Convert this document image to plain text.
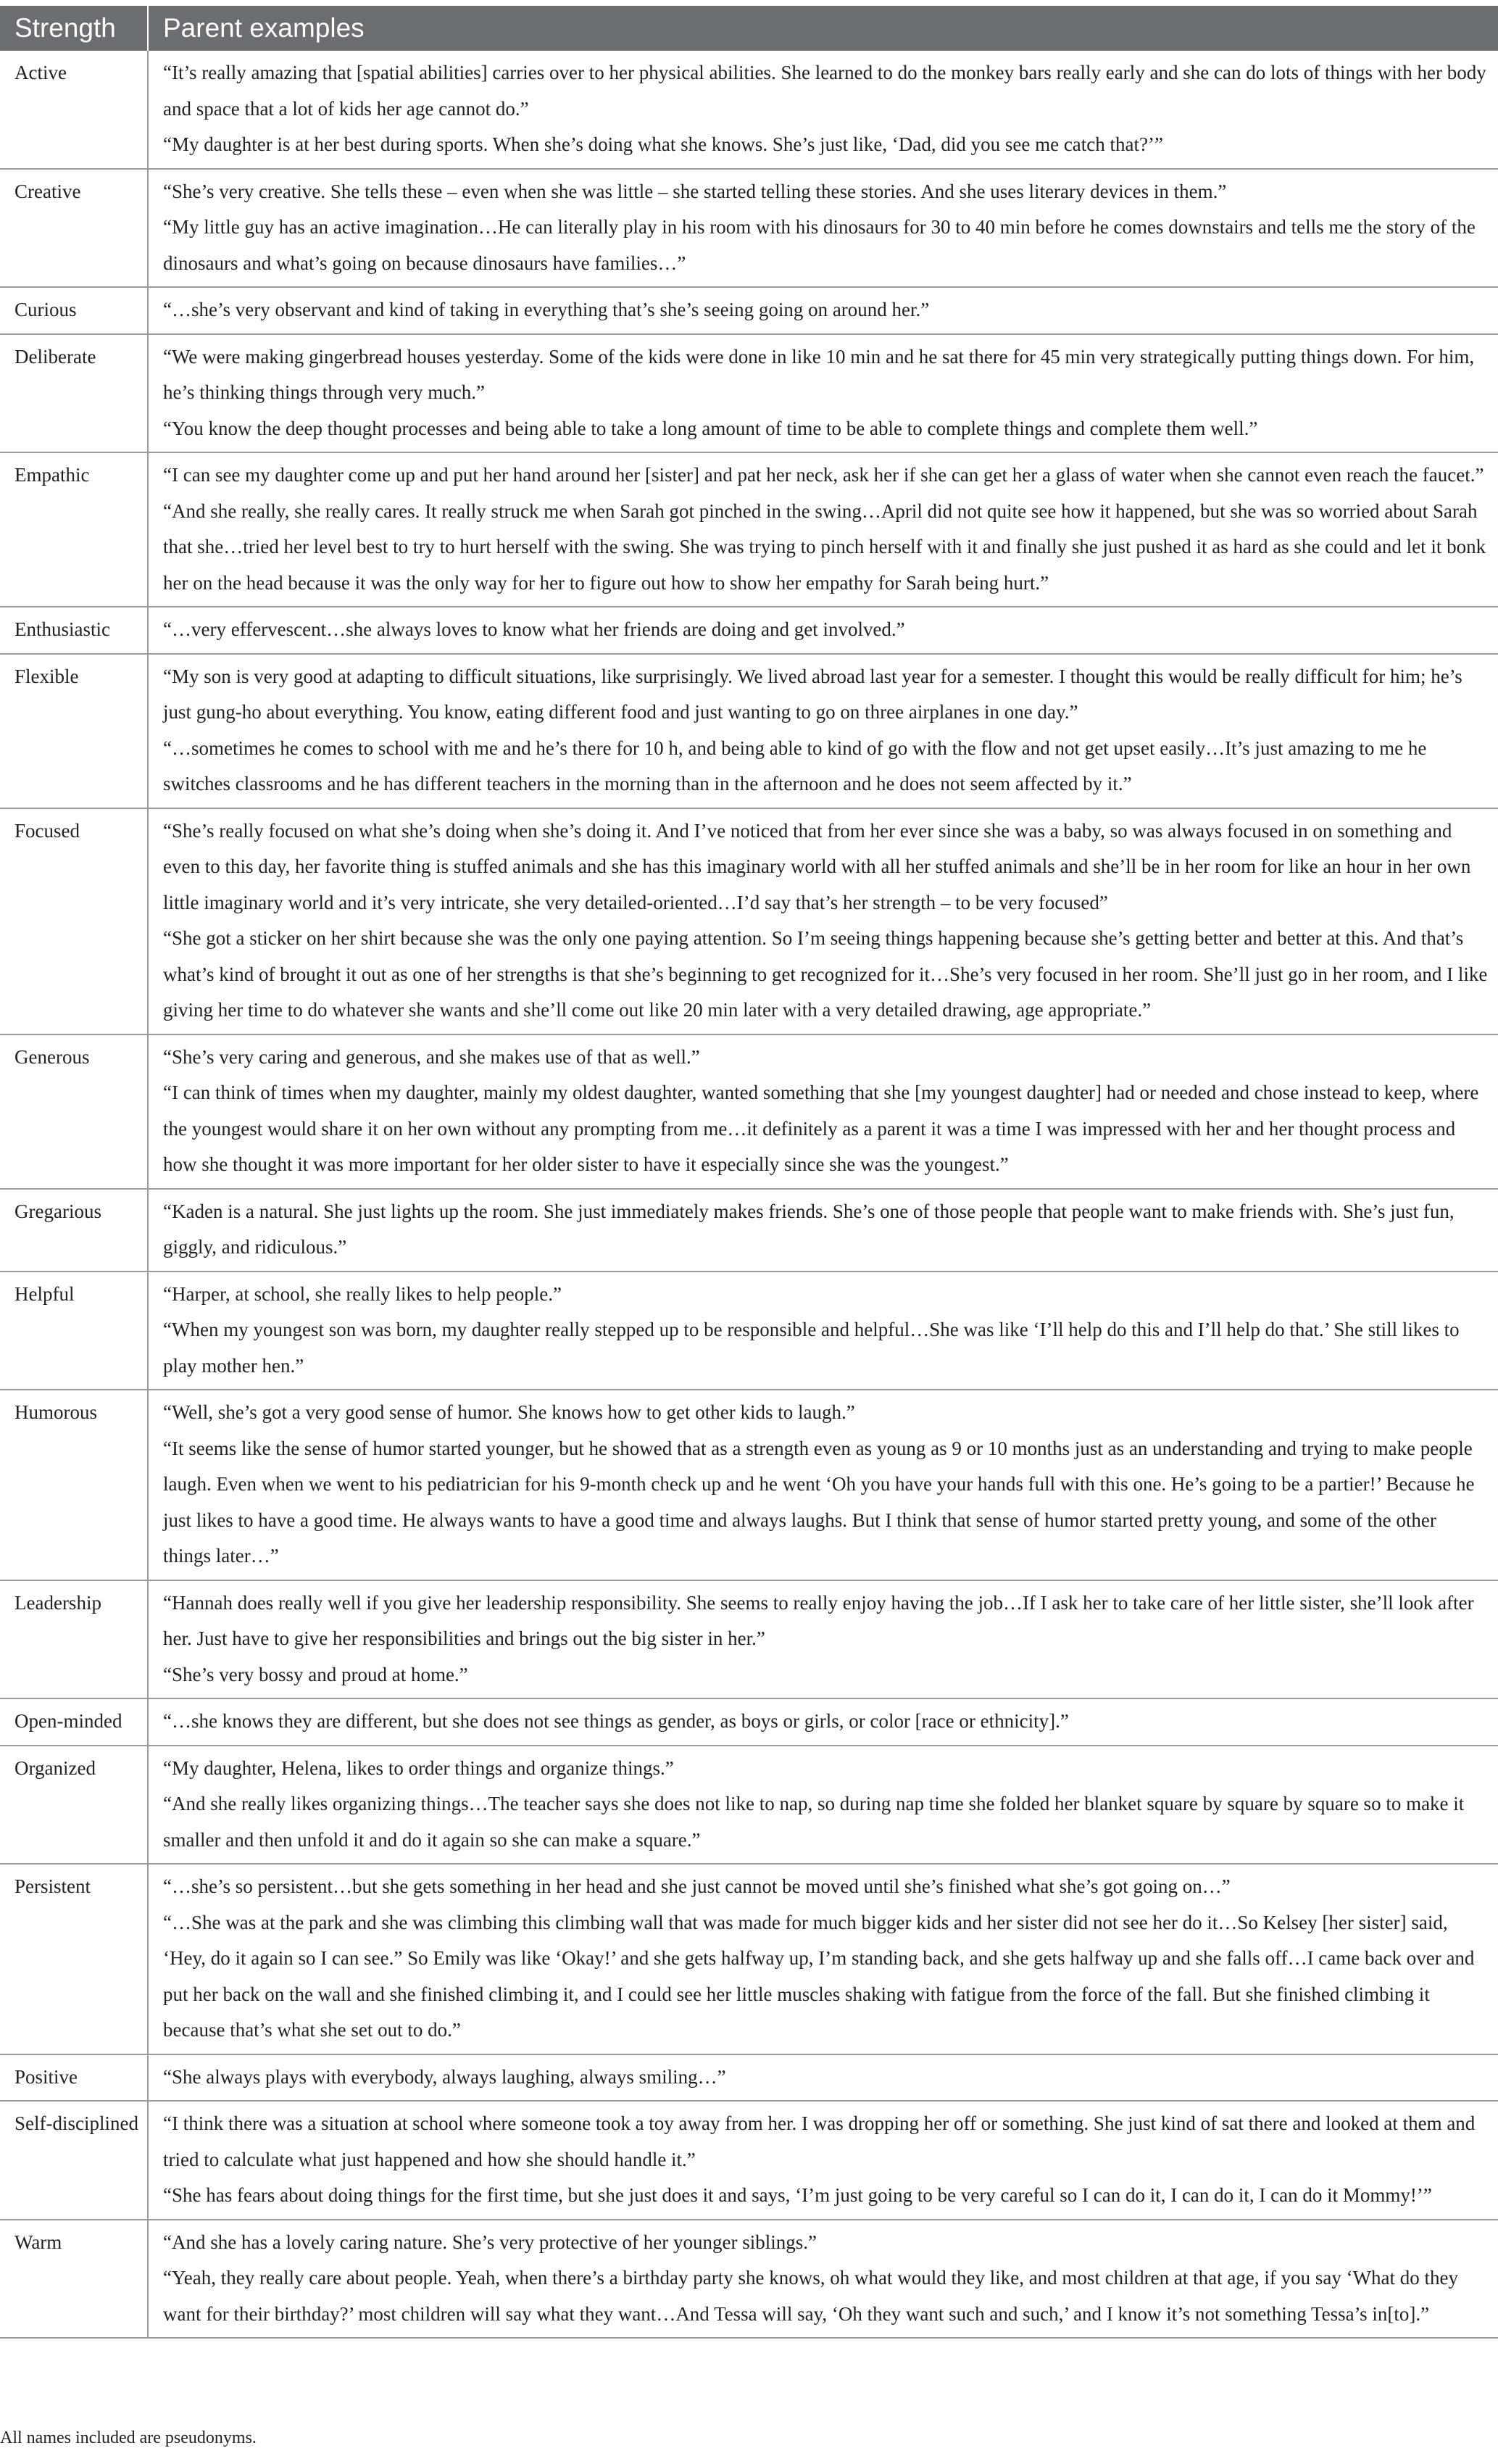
Strength	Parent examples
Active	“It’s really amazing that [spatial abilities] carries over to her physical abilities. She learned to do the monkey bars really early and she can do lots of things with her body and space that a lot of kids her age cannot do.”
“My daughter is at her best during sports. When she’s doing what she knows. She’s just like, ‘Dad, did you see me catch that?’”

Creative	“She’s very creative. She tells these – even when she was little – she started telling these stories. And she uses literary devices in them.”
“My little guy has an active imagination…He can literally play in his room with his dinosaurs for 30 to 40 min before he comes downstairs and tells me the story of the dinosaurs and what’s going on because dinosaurs have families…”

Curious	“…she’s very observant and kind of taking in everything that’s she’s seeing going on around her.”

Deliberate	“We were making gingerbread houses yesterday. Some of the kids were done in like 10 min and he sat there for 45 min very strategically putting things down. For him, he’s thinking things through very much.”
“You know the deep thought processes and being able to take a long amount of time to be able to complete things and complete them well.”

Empathic	“I can see my daughter come up and put her hand around her [sister] and pat her neck, ask her if she can get her a glass of water when she cannot even reach the faucet.”
“And she really, she really cares. It really struck me when Sarah got pinched in the swing…April did not quite see how it happened, but she was so worried about Sarah that she…tried her level best to try to hurt herself with the swing. She was trying to pinch herself with it and finally she just pushed it as hard as she could and let it bonk her on the head because it was the only way for her to figure out how to show her empathy for Sarah being hurt.”

Enthusiastic	“…very effervescent…she always loves to know what her friends are doing and get involved.”

Flexible	“My son is very good at adapting to difficult situations, like surprisingly. We lived abroad last year for a semester. I thought this would be really difficult for him; he’s just gung-ho about everything. You know, eating different food and just wanting to go on three airplanes in one day.”
“…sometimes he comes to school with me and he’s there for 10 h, and being able to kind of go with the flow and not get upset easily…It’s just amazing to me he switches classrooms and he has different teachers in the morning than in the afternoon and he does not seem affected by it.”

Focused	“She’s really focused on what she’s doing when she’s doing it. And I’ve noticed that from her ever since she was a baby, so was always focused in on something and even to this day, her favorite thing is stuffed animals and she has this imaginary world with all her stuffed animals and she’ll be in her room for like an hour in her own little imaginary world and it’s very intricate, she very detailed-oriented…I’d say that’s her strength – to be very focused”
“She got a sticker on her shirt because she was the only one paying attention. So I’m seeing things happening because she’s getting better and better at this. And that’s what’s kind of brought it out as one of her strengths is that she’s beginning to get recognized for it…She’s very focused in her room. She’ll just go in her room, and I like giving her time to do whatever she wants and she’ll come out like 20 min later with a very detailed drawing, age appropriate.”

Generous	“She’s very caring and generous, and she makes use of that as well.”
“I can think of times when my daughter, mainly my oldest daughter, wanted something that she [my youngest daughter] had or needed and chose instead to keep, where the youngest would share it on her own without any prompting from me…it definitely as a parent it was a time I was impressed with her and her thought process and how she thought it was more important for her older sister to have it especially since she was the youngest.”

Gregarious	“Kaden is a natural. She just lights up the room. She just immediately makes friends. She’s one of those people that people want to make friends with. She’s just fun, giggly, and ridiculous.”

Helpful	“Harper, at school, she really likes to help people.”
“When my youngest son was born, my daughter really stepped up to be responsible and helpful…She was like ‘I’ll help do this and I’ll help do that.’ She still likes to play mother hen.”

Humorous	“Well, she’s got a very good sense of humor. She knows how to get other kids to laugh.”
“It seems like the sense of humor started younger, but he showed that as a strength even as young as 9 or 10 months just as an understanding and trying to make people laugh. Even when we went to his pediatrician for his 9-month check up and he went ‘Oh you have your hands full with this one. He’s going to be a partier!’ Because he just likes to have a good time. He always wants to have a good time and always laughs. But I think that sense of humor started pretty young, and some of the other things later…”

Leadership	“Hannah does really well if you give her leadership responsibility. She seems to really enjoy having the job…If I ask her to take care of her little sister, she’ll look after her. Just have to give her responsibilities and brings out the big sister in her.”
“She’s very bossy and proud at home.”

Open-minded	“…she knows they are different, but she does not see things as gender, as boys or girls, or color [race or ethnicity].”

Organized	“My daughter, Helena, likes to order things and organize things.”
“And she really likes organizing things…The teacher says she does not like to nap, so during nap time she folded her blanket square by square by square so to make it smaller and then unfold it and do it again so she can make a square.”

Persistent	“…she’s so persistent…but she gets something in her head and she just cannot be moved until she’s finished what she’s got going on…”
“…She was at the park and she was climbing this climbing wall that was made for much bigger kids and her sister did not see her do it…So Kelsey [her sister] said, ‘Hey, do it again so I can see.” So Emily was like ‘Okay!’ and she gets halfway up, I’m standing back, and she gets halfway up and she falls off…I came back over and put her back on the wall and she finished climbing it, and I could see her little muscles shaking with fatigue from the force of the fall. But she finished climbing it because that’s what she set out to do.”

Positive	“She always plays with everybody, always laughing, always smiling…”

Self-disciplined	“I think there was a situation at school where someone took a toy away from her. I was dropping her off or something. She just kind of sat there and looked at them and tried to calculate what just happened and how she should handle it.”
“She has fears about doing things for the first time, but she just does it and says, ‘I’m just going to be very careful so I can do it, I can do it, I can do it Mommy!’”

Warm	“And she has a lovely caring nature. She’s very protective of her younger siblings.”
“Yeah, they really care about people. Yeah, when there’s a birthday party she knows, oh what would they like, and most children at that age, if you say ‘What do they want for their birthday?’ most children will say what they want…And Tessa will say, ‘Oh they want such and such,’ and I know it’s not something Tessa’s in[to].”
All names included are pseudonyms.
